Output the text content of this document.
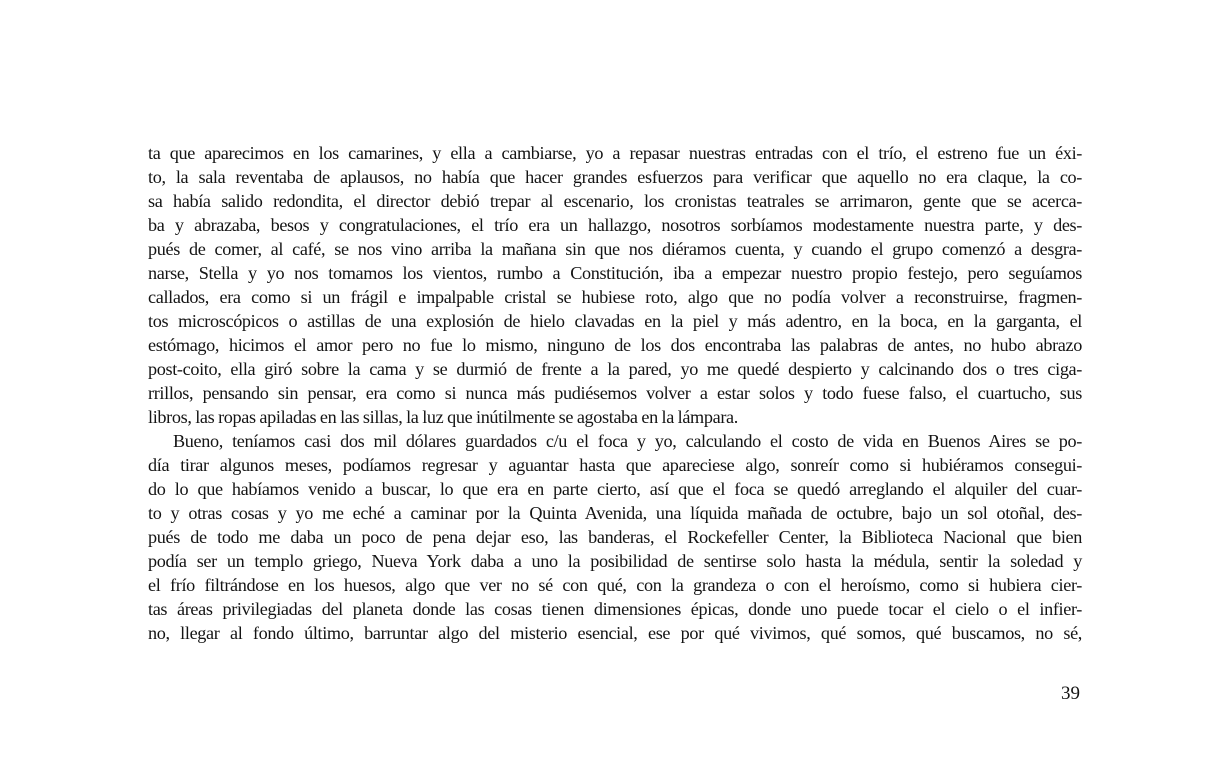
ta que aparecimos en los camarines, y ella a cambiarse, yo a repasar nuestras entradas con el trío, el estreno fue un éxi-
to, la sala reventaba de aplausos, no había que hacer grandes esfuerzos para verificar que aquello no era claque, la co-
sa había salido redondita, el director debió trepar al escenario, los cronistas teatrales se arrimaron, gente que se acerca-
ba y abrazaba, besos y congratulaciones, el trío era un hallazgo, nosotros sorbíamos modestamente nuestra parte, y des-
pués de comer, al café, se nos vino arriba la mañana sin que nos diéramos cuenta, y cuando el grupo comenzó a desgra-
narse, Stella y yo nos tomamos los vientos, rumbo a Constitución, iba a empezar nuestro propio festejo, pero seguíamos
callados, era como si un frágil e impalpable cristal se hubiese roto, algo que no podía volver a reconstruirse, fragmen-
tos microscópicos o astillas de una explosión de hielo clavadas en la piel y más adentro, en la boca, en la garganta, el
estómago, hicimos el amor pero no fue lo mismo, ninguno de los dos encontraba las palabras de antes, no hubo abrazo
post-coito, ella giró sobre la cama y se durmió de frente a la pared, yo me quedé despierto y calcinando dos o tres ciga-
rrillos, pensando sin pensar, era como si nunca más pudiésemos volver a estar solos y todo fuese falso, el cuartucho, sus
libros, las ropas apiladas en las sillas, la luz que inútilmente se agostaba en la lámpara.
Bueno, teníamos casi dos mil dólares guardados c/u el foca y yo, calculando el costo de vida en Buenos Aires se po-
día tirar algunos meses, podíamos regresar y aguantar hasta que apareciese algo, sonreír como si hubiéramos consegui-
do lo que habíamos venido a buscar, lo que era en parte cierto, así que el foca se quedó arreglando el alquiler del cuar-
to y otras cosas y yo me eché a caminar por la Quinta Avenida, una líquida mañada de octubre, bajo un sol otoñal, des-
pués de todo me daba un poco de pena dejar eso, las banderas, el Rockefeller Center, la Biblioteca Nacional que bien
podía ser un templo griego, Nueva York daba a uno la posibilidad de sentirse solo hasta la médula, sentir la soledad y
el frío filtrándose en los huesos, algo que ver no sé con qué, con la grandeza o con el heroísmo, como si hubiera cier-
tas áreas privilegiadas del planeta donde las cosas tienen dimensiones épicas, donde uno puede tocar el cielo o el infier-
no, llegar al fondo último, barruntar algo del misterio esencial, ese por qué vivimos, qué somos, qué buscamos, no sé,
39
